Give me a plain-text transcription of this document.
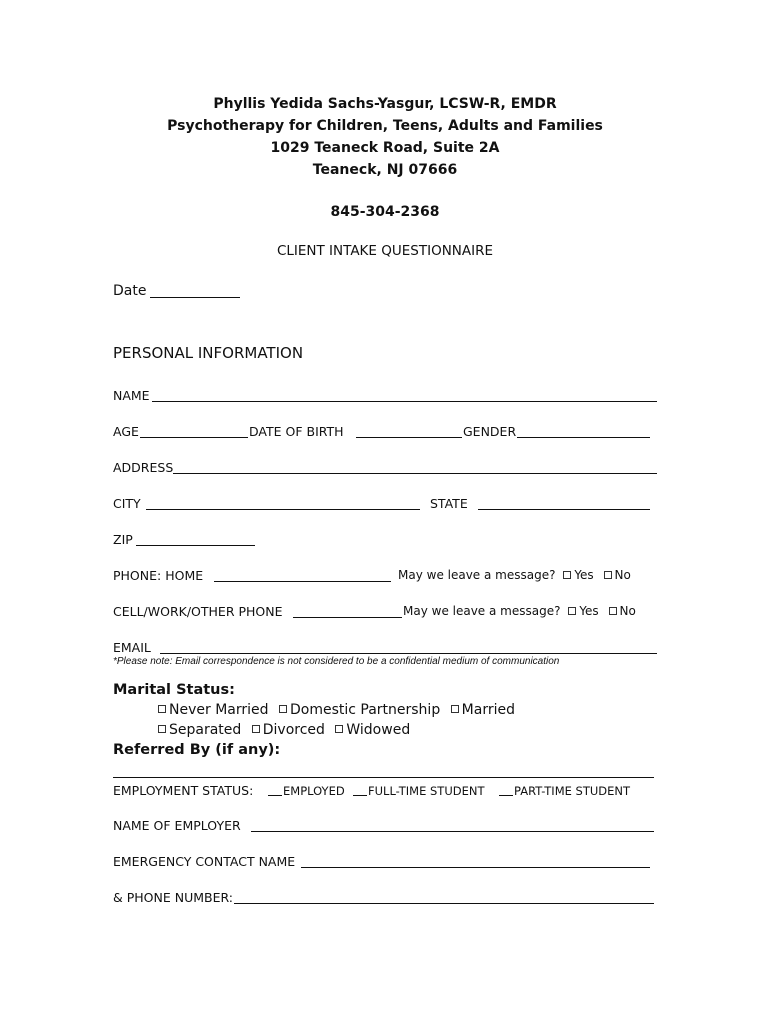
Phyllis Yedida Sachs-Yasgur, LCSW-R, EMDR
Psychotherapy for Children, Teens, Adults and Families
1029 Teaneck Road, Suite 2A
Teaneck, NJ 07666
845-304-2368
CLIENT INTAKE QUESTIONNAIRE
Date
PERSONAL INFORMATION
NAME
AGE	DATE OF BIRTH	GENDER
ADDRESS
CITY	STATE
ZIP
PHONE: HOME	May we leave a message? Yes No
CELL/WORK/OTHER PHONE	May we leave a message? Yes No
EMAIL
*Please note: Email correspondence is not considered to be a confidential medium of communication
Marital Status:
Never Married Domestic Partnership Married
Separated Divorced Widowed
Referred By (if any):
EMPLOYMENT STATUS:	EMPLOYED FULL-TIME STUDENT	PART-TIME STUDENT
NAME OF EMPLOYER
EMERGENCY CONTACT NAME
& PHONE NUMBER:
